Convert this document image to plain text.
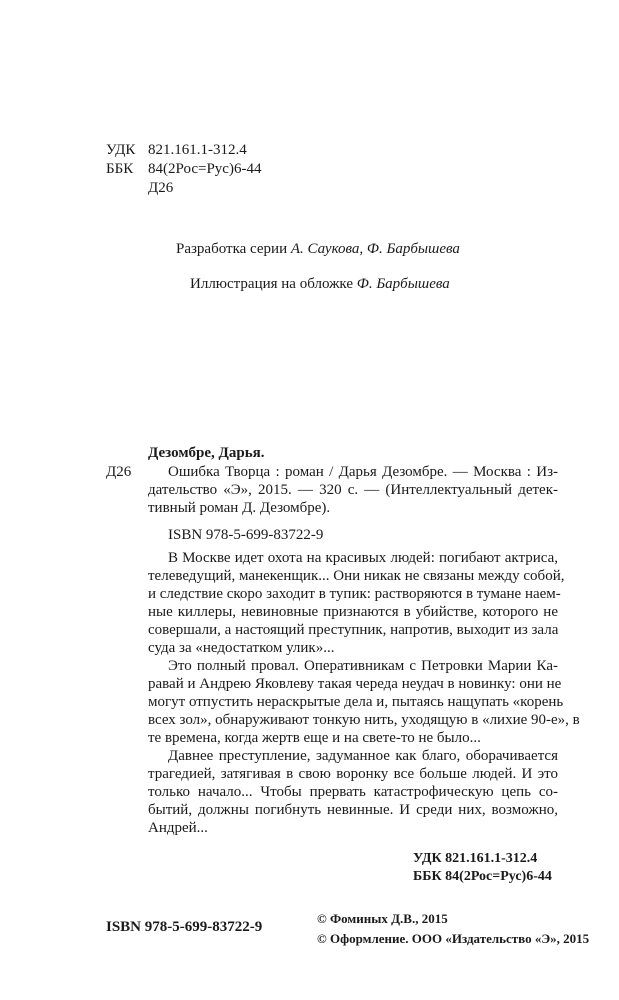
УДК 821.161.1-312.4
ББК 84(2Рос=Рус)6-44
Д26
Разработка серии А. Саукова, Ф. Барбышева
Иллюстрация на обложке Ф. Барбышева
Дезомбре, Дарья.
Д26 Ошибка Творца : роман / Дарья Дезомбре. — Москва : Из-
дательство «Э», 2015. — 320 с. — (Интеллектуальный детек-
тивный роман Д. Дезомбре).
ISBN 978-5-699-83722-9
В Москве идет охота на красивых людей: погибают актриса,
телеведущий, манекенщик... Они никак не связаны между собой,
и следствие скоро заходит в тупик: растворяются в тумане наем-
ные киллеры, невиновные признаются в убийстве, которого не
совершали, а настоящий преступник, напротив, выходит из зала
суда за «недостатком улик»...
Это полный провал. Оперативникам с Петровки Марии Ка-
равай и Андрею Яковлеву такая череда неудач в новинку: они не
могут отпустить нераскрытые дела и, пытаясь нащупать «корень
всех зол», обнаруживают тонкую нить, уходящую в «лихие 90-е», в
те времена, когда жертв еще и на свете-то не было...
Давнее преступление, задуманное как благо, оборачивается
трагедией, затягивая в свою воронку все больше людей. И это
только начало... Чтобы прервать катастрофическую цепь со-
бытий, должны погибнуть невинные. И среди них, возможно,
Андрей...
УДК 821.161.1-312.4
ББК 84(2Рос=Рус)6-44
ISBN 978-5-699-83722-9
© Фоминых Д.В., 2015
© Оформление. ООО «Издательство «Э», 2015
